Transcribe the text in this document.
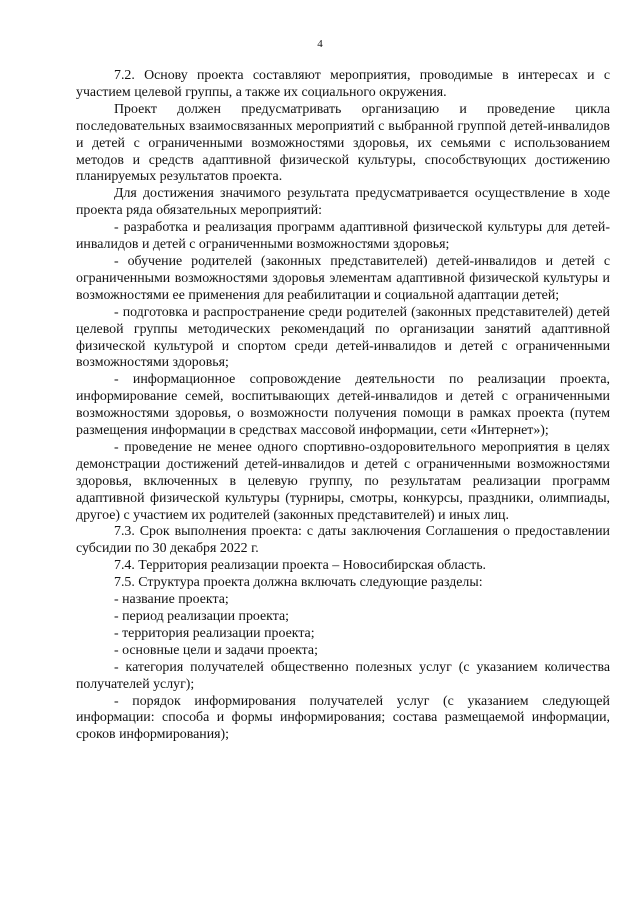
4

7.2. Основу проекта составляют мероприятия, проводимые в интересах и с участием целевой группы, а также их социального окружения.

Проект должен предусматривать организацию и проведение цикла последовательных взаимосвязанных мероприятий с выбранной группой детей-инвалидов и детей с ограниченными возможностями здоровья, их семьями с использованием методов и средств адаптивной физической культуры, способствующих достижению планируемых результатов проекта.

Для достижения значимого результата предусматривается осуществление в ходе проекта ряда обязательных мероприятий:

- разработка и реализация программ адаптивной физической культуры для детей-инвалидов и детей с ограниченными возможностями здоровья;

- обучение родителей (законных представителей) детей-инвалидов и детей с ограниченными возможностями здоровья элементам адаптивной физической культуры и возможностями ее применения для реабилитации и социальной адаптации детей;

- подготовка и распространение среди родителей (законных представителей) детей целевой группы методических рекомендаций по организации занятий адаптивной физической культурой и спортом среди детей-инвалидов и детей с ограниченными возможностями здоровья;

- информационное сопровождение деятельности по реализации проекта, информирование семей, воспитывающих детей-инвалидов и детей с ограниченными возможностями здоровья, о возможности получения помощи в рамках проекта (путем размещения информации в средствах массовой информации, сети «Интернет»);

- проведение не менее одного спортивно-оздоровительного мероприятия в целях демонстрации достижений детей-инвалидов и детей с ограниченными возможностями здоровья, включенных в целевую группу, по результатам реализации программ адаптивной физической культуры (турниры, смотры, конкурсы, праздники, олимпиады, другое) с участием их родителей (законных представителей) и иных лиц.

7.3. Срок выполнения проекта: с даты заключения Соглашения о предоставлении субсидии по 30 декабря 2022 г.

7.4. Территория реализации проекта – Новосибирская область.

7.5. Структура проекта должна включать следующие разделы:

- название проекта;

- период реализации проекта;

- территория реализации проекта;

- основные цели и задачи проекта;

- категория получателей общественно полезных услуг (с указанием количества получателей услуг);

- порядок информирования получателей услуг (с указанием следующей информации: способа и формы информирования; состава размещаемой информации, сроков информирования);
